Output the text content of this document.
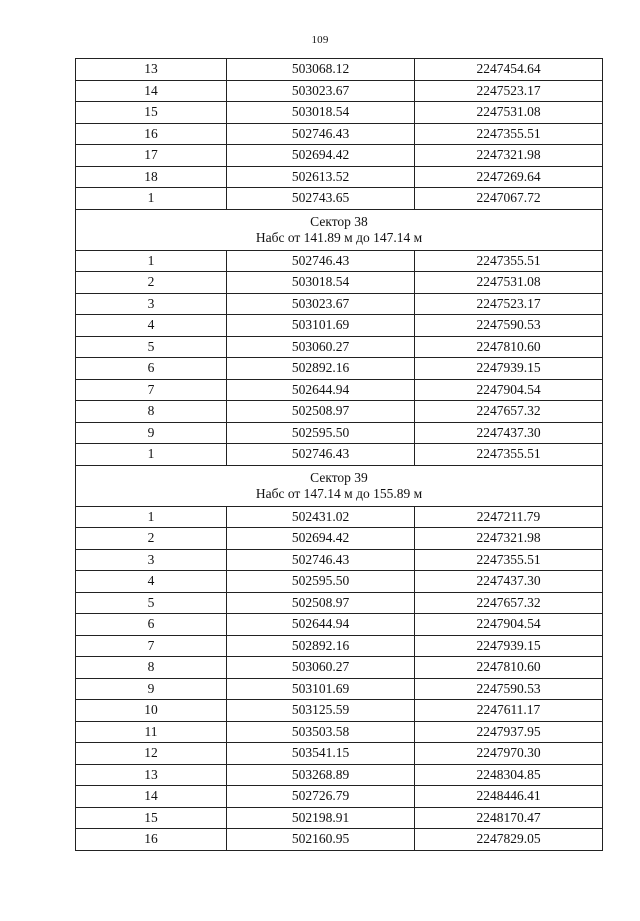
109
13	503068.12	2247454.64
14	503023.67	2247523.17
15	503018.54	2247531.08
16	502746.43	2247355.51
17	502694.42	2247321.98
18	502613.52	2247269.64
1	502743.65	2247067.72

Сектор 38
Набс от 141.89 м до 147.14 м		

1	502746.43	2247355.51
2	503018.54	2247531.08
3	503023.67	2247523.17
4	503101.69	2247590.53
5	503060.27	2247810.60
6	502892.16	2247939.15
7	502644.94	2247904.54
8	502508.97	2247657.32
9	502595.50	2247437.30
1	502746.43	2247355.51

Сектор 39
Набс от 147.14 м до 155.89 м		

1	502431.02	2247211.79
2	502694.42	2247321.98
3	502746.43	2247355.51
4	502595.50	2247437.30
5	502508.97	2247657.32
6	502644.94	2247904.54
7	502892.16	2247939.15
8	503060.27	2247810.60
9	503101.69	2247590.53
10	503125.59	2247611.17
11	503503.58	2247937.95
12	503541.15	2247970.30
13	503268.89	2248304.85
14	502726.79	2248446.41
15	502198.91	2248170.47
16	502160.95	2247829.05
